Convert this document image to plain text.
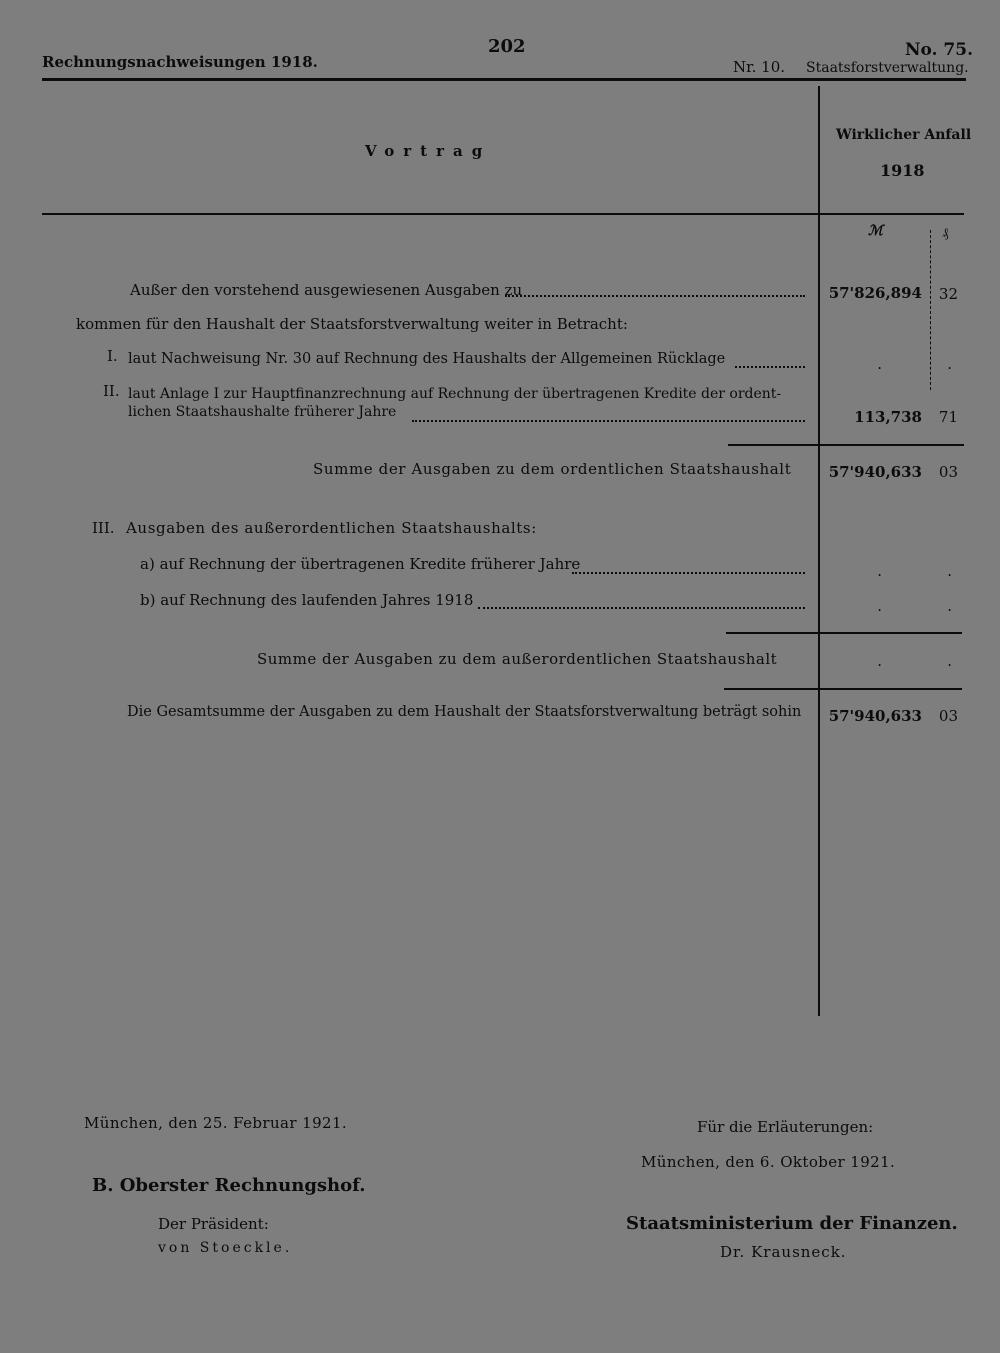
Rechnungsnachweisungen 1918.
202	No. 75.
Nr. 10. Staatsforstverwaltung.
Vortrag
Wirklicher Anfall
1918
ℳ	₰
Außer den vorstehend ausgewiesenen Ausgaben zu	57'826,894	32
kommen für den Haushalt der Staatsforstverwaltung weiter in Betracht:
I. laut Nachweisung Nr. 30 auf Rechnung des Haushalts der Allgemeinen Rücklage	.	.
II. laut Anlage I zur Hauptfinanzrechnung auf Rechnung der übertragenen Kredite der ordent-
lichen Staatshaushalte früherer Jahre	113,738	71
Summe der Ausgaben zu dem ordentlichen Staatshaushalt 57'940,633	03
III. Ausgaben des außerordentlichen Staatshaushalts:
a) auf Rechnung der übertragenen Kredite früherer Jahre	.	.
b) auf Rechnung des laufenden Jahres 1918	.	.
Summe der Ausgaben zu dem außerordentlichen Staatshaushalt	.	.
Die Gesamtsumme der Ausgaben zu dem Haushalt der Staatsforstverwaltung beträgt sohin 57'940,633	03
München, den 25. Februar 1921.
B. Oberster Rechnungshof.
Der Präsident:
von Stoeckle.
Für die Erläuterungen:
München, den 6. Oktober 1921.
Staatsministerium der Finanzen.
Dr. Krausneck.
